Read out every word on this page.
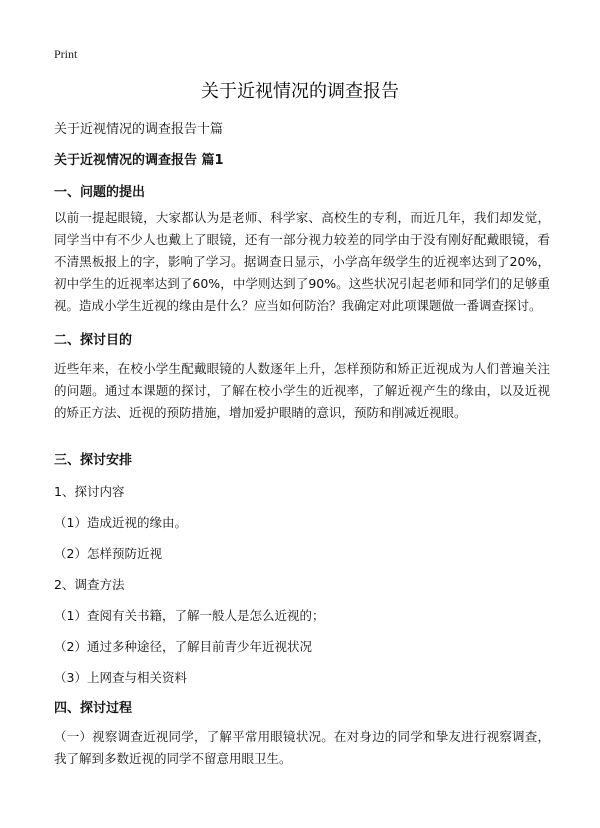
Print
关于近视情况的调查报告
关于近视情况的调查报告十篇
关于近视情况的调查报告 篇1
一、问题的提出

以前一提起眼镜，大家都认为是老师、科学家、高校生的专利，而近几年，我们却发觉，同学当中有不少人也戴上了眼镜，还有一部分视力较差的同学由于没有刚好配戴眼镜，看不清黑板报上的字，影响了学习。据调查日显示，小学高年级学生的近视率达到了20%，初中学生的近视率达到了60%，中学则达到了90%。这些状况引起老师和同学们的足够重视。造成小学生近视的缘由是什么？应当如何防治？我确定对此项课题做一番调查探讨。

二、探讨目的

近些年来，在校小学生配戴眼镜的人数逐年上升，怎样预防和矫正近视成为人们普遍关注的问题。通过本课题的探讨，了解在校小学生的近视率，了解近视产生的缘由，以及近视的矫正方法、近视的预防措施，增加爱护眼睛的意识，预防和削减近视眼。

三、探讨安排
1、探讨内容
（1）造成近视的缘由。
（2）怎样预防近视
2、调查方法
（1）查阅有关书籍，了解一般人是怎么近视的；
（2）通过多种途径，了解目前青少年近视状况
（3）上网查与相关资料
四、探讨过程

（一）视察调查近视同学，了解平常用眼镜状况。在对身边的同学和挚友进行视察调查，我了解到多数近视的同学不留意用眼卫生。
